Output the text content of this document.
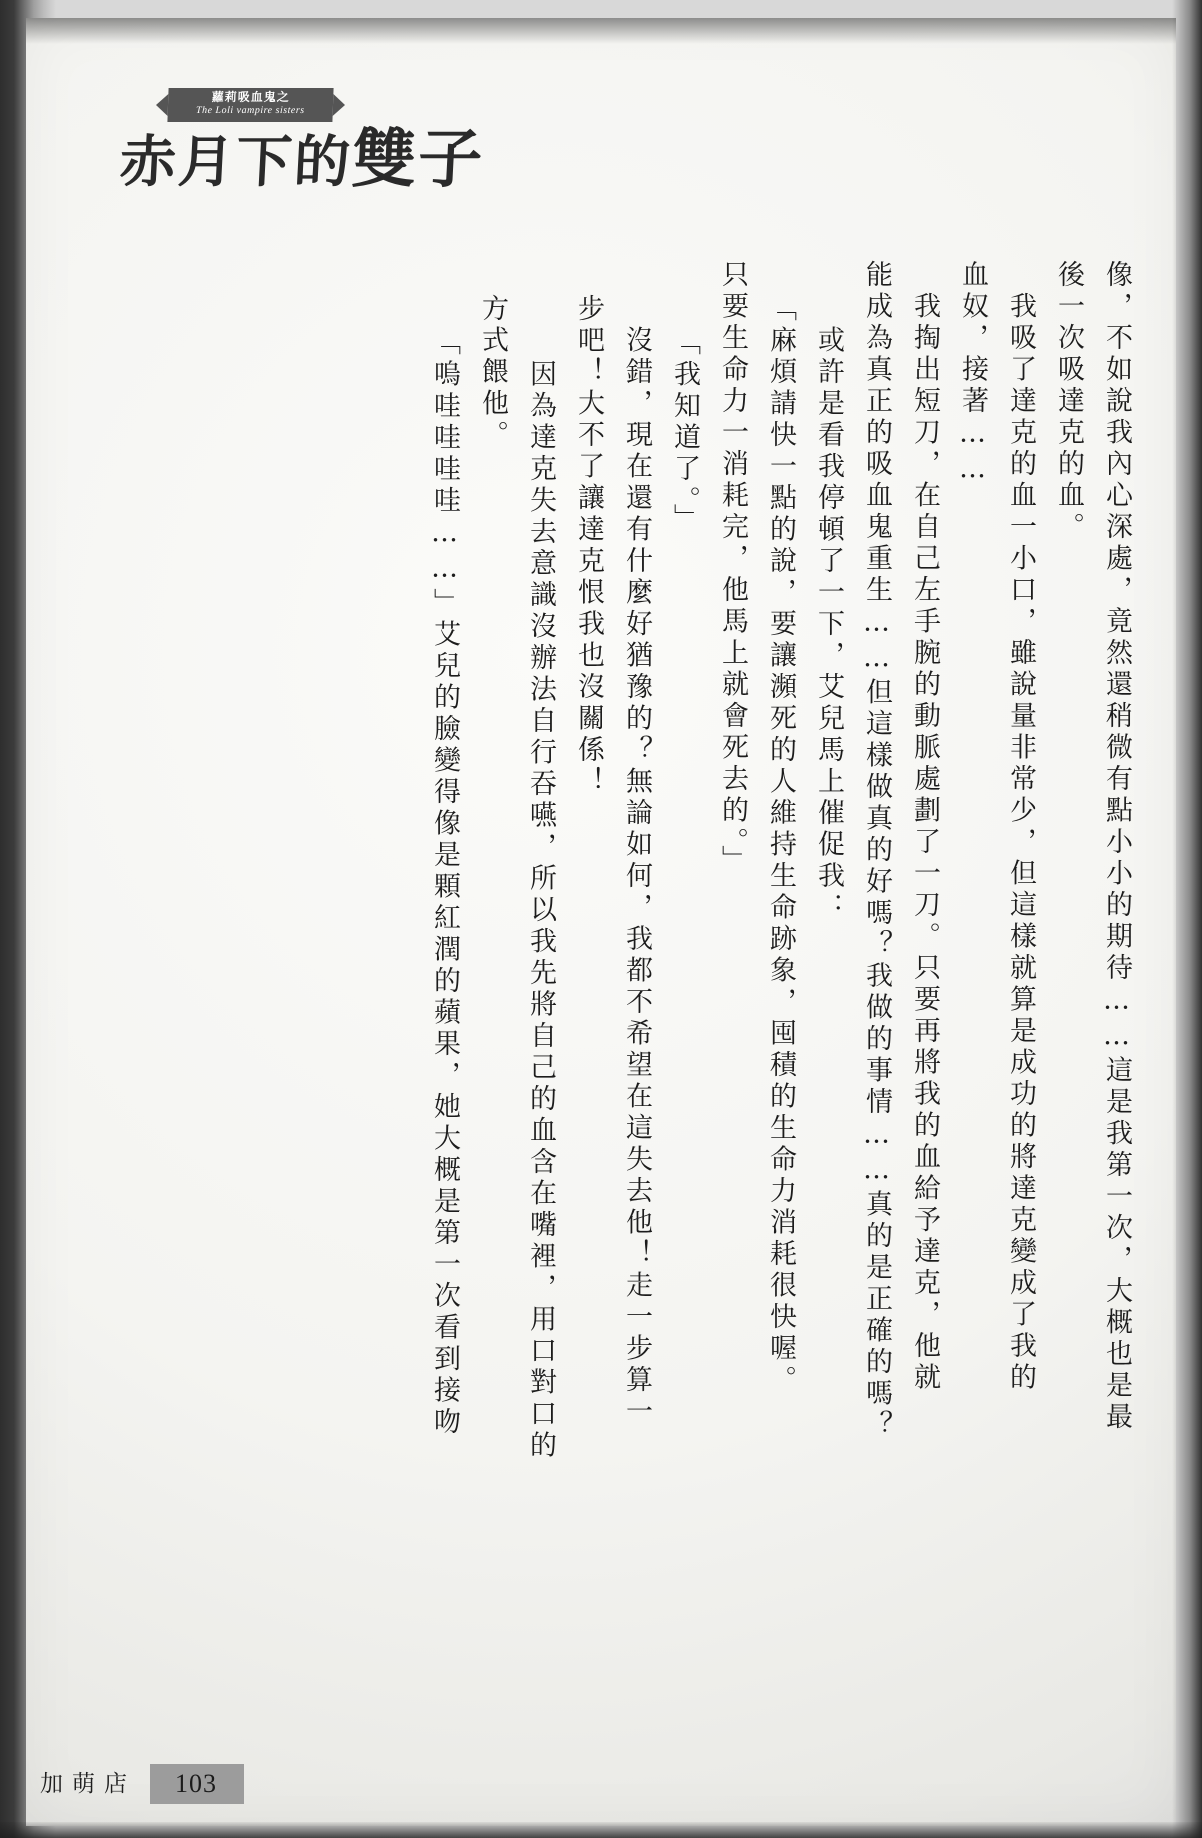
蘿莉吸血鬼之
The Loli vampire sisters
赤月下的雙子
像，不如說我內心深處，竟然還稍微有點小小的期待……這是我第一次，大概也是最
後一次吸達克的血。
　我吸了達克的血一小口，雖說量非常少，但這樣就算是成功的將達克變成了我的
血奴，接著……
　我掏出短刀，在自己左手腕的動脈處劃了一刀。只要再將我的血給予達克，他就
能成為真正的吸血鬼重生……但這樣做真的好嗎？我做的事情……真的是正確的嗎？
　或許是看我停頓了一下，艾兒馬上催促我：
「麻煩請快一點的說，要讓瀕死的人維持生命跡象，囤積的生命力消耗很快喔。
只要生命力一消耗完，他馬上就會死去的。」
「我知道了。」
　沒錯，現在還有什麼好猶豫的？無論如何，我都不希望在這失去他！走一步算一
步吧！大不了讓達克恨我也沒關係！
　因為達克失去意識沒辦法自行吞嚥，所以我先將自己的血含在嘴裡，用口對口的
方式餵他。
「嗚哇哇哇哇……」艾兒的臉變得像是顆紅潤的蘋果，她大概是第一次看到接吻
加萌店	103
